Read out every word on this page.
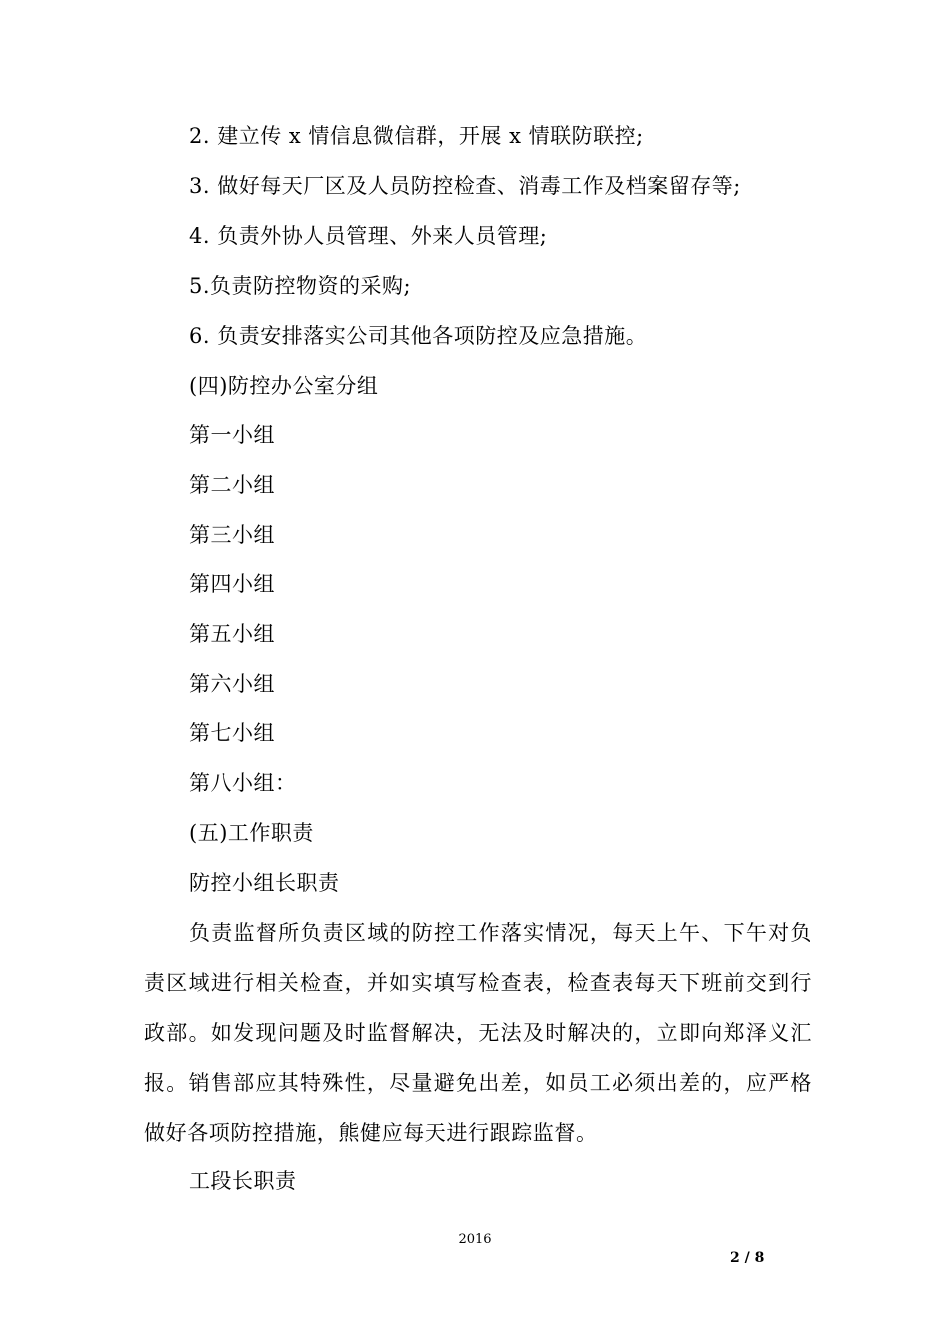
2. 建立传 x 情信息微信群，开展 x 情联防联控;
3. 做好每天厂区及人员防控检查、消毒工作及档案留存等;
4. 负责外协人员管理、外来人员管理;
5.负责防控物资的采购;
6. 负责安排落实公司其他各项防控及应急措施。
(四)防控办公室分组
第一小组
第二小组
第三小组
第四小组
第五小组
第六小组
第七小组
第八小组：
(五)工作职责
防控小组长职责
负责监督所负责区域的防控工作落实情况，每天上午、下午对负责区域进行相关检查，并如实填写检查表，检查表每天下班前交到行政部。如发现问题及时监督解决，无法及时解决的，立即向郑泽义汇报。销售部应其特殊性，尽量避免出差，如员工必须出差的，应严格做好各项防控措施，熊健应每天进行跟踪监督。
工段长职责
2016
2 / 8
